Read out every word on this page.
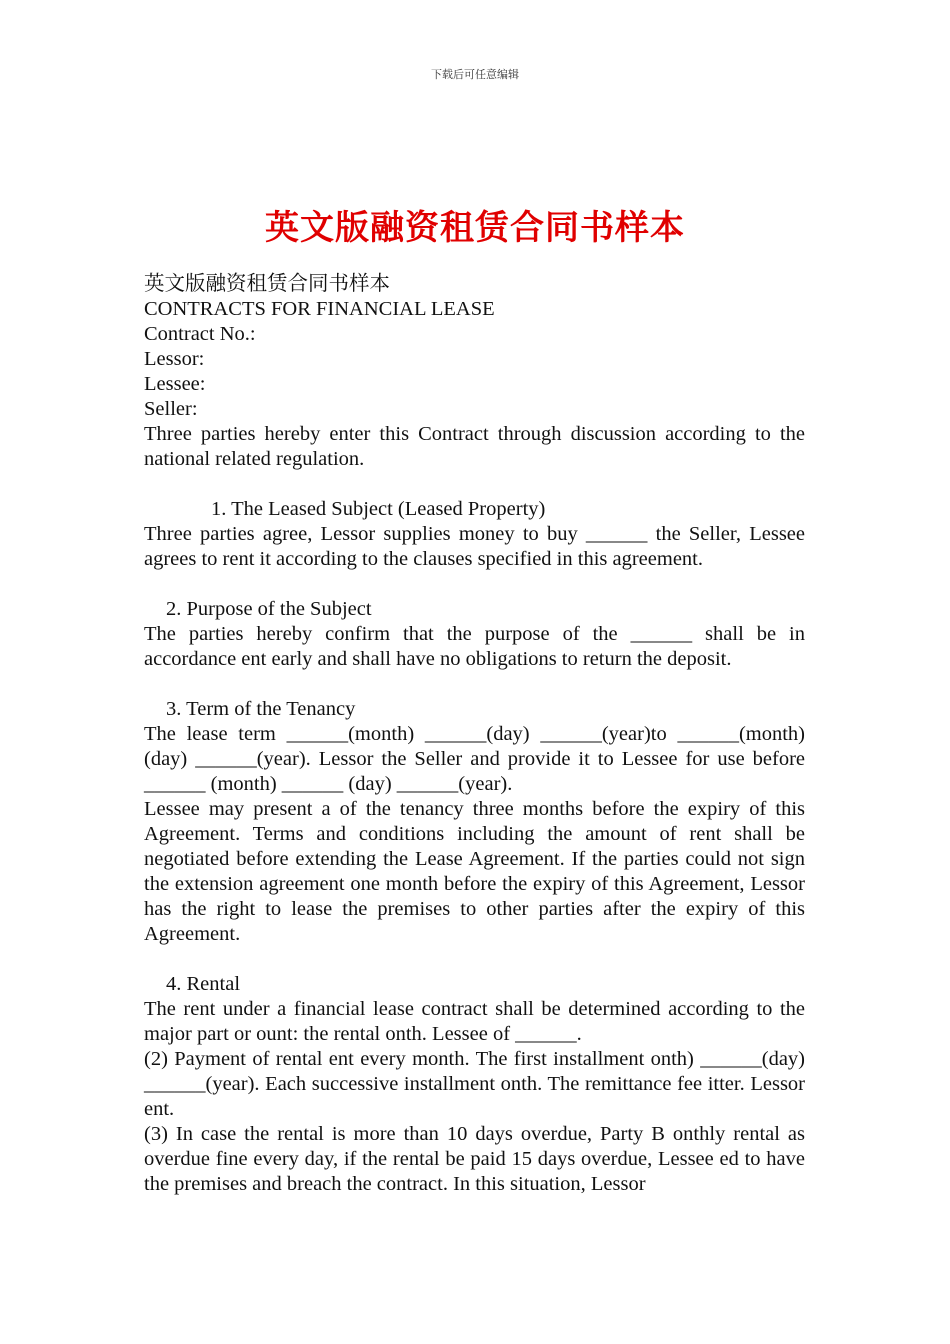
下载后可任意编辑
英文版融资租赁合同书样本

英文版融资租赁合同书样本

CONTRACTS FOR FINANCIAL LEASE

Contract No.:

Lessor:

Lessee:

Seller:

Three parties hereby enter this Contract through discussion according to the national related regulation.

1. The Leased Subject (Leased Property)

Three parties agree, Lessor supplies money to buy ______ the Seller, Lessee agrees to rent it according to the clauses specified in this agreement.

2. Purpose of the Subject

The parties hereby confirm that the purpose of the ______ shall be in accordance ent early and shall have no obligations to return the deposit.

3. Term of the Tenancy

The lease term ______(month) ______(day) ______(year)to ______(month) (day) ______(year). Lessor the Seller and provide it to Lessee for use before ______ (month) ______ (day) ______(year).

Lessee may present a of the tenancy three months before the expiry of this Agreement. Terms and conditions including the amount of rent shall be negotiated before extending the Lease Agreement. If the parties could not sign the extension agreement one month before the expiry of this Agreement, Lessor has the right to lease the premises to other parties after the expiry of this Agreement.

4. Rental

The rent under a financial lease contract shall be determined according to the major part or ount: the rental onth. Lessee of ______.

(2) Payment of rental ent every month. The first installment onth) ______(day) ______(year). Each successive installment onth. The remittance fee itter. Lessor ent.

(3) In case the rental is more than 10 days overdue, Party B onthly rental as overdue fine every day, if the rental be paid 15 days overdue, Lessee ed to have the premises and breach the contract. In this situation, Lessor
